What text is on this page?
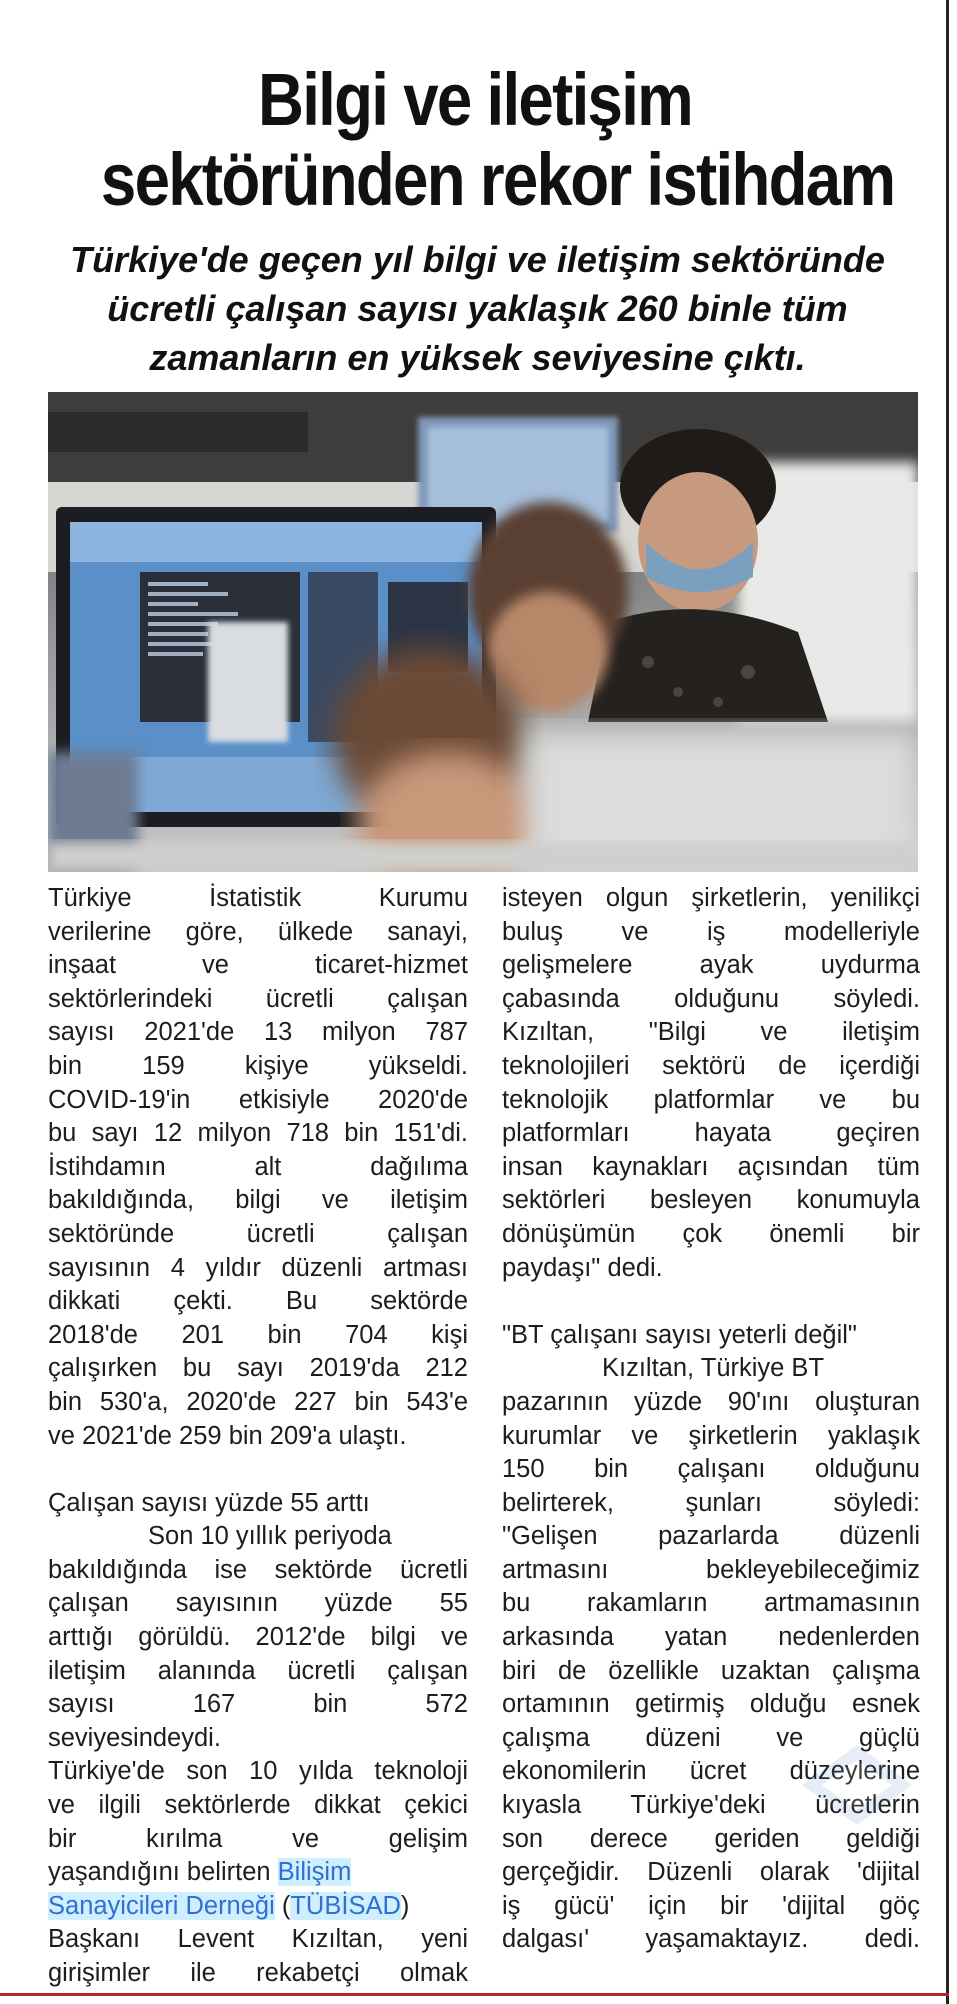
Bilgi ve iletişim
sektöründen rekor istihdam
Türkiye'de geçen yıl bilgi ve iletişim sektöründe
ücretli çalışan sayısı yaklaşık 260 binle tüm
zamanların en yüksek seviyesine çıktı.
Türkiye İstatistik Kurumu
verilerine göre, ülkede sanayi,
inşaat ve ticaret-hizmet
sektörlerindeki ücretli çalışan
sayısı 2021'de 13 milyon 787
bin 159 kişiye yükseldi.
COVID-19'in etkisiyle 2020'de
bu sayı 12 milyon 718 bin 151'di.
İstihdamın alt dağılıma
bakıldığında, bilgi ve iletişim
sektöründe ücretli çalışan
sayısının 4 yıldır düzenli artması
dikkati çekti. Bu sektörde
2018'de 201 bin 704 kişi
çalışırken bu sayı 2019'da 212
bin 530'a, 2020'de 227 bin 543'e
ve 2021'de 259 bin 209'a ulaştı.
Çalışan sayısı yüzde 55 arttı
Son 10 yıllık periyoda
bakıldığında ise sektörde ücretli
çalışan sayısının yüzde 55
arttığı görüldü. 2012'de bilgi ve
iletişim alanında ücretli çalışan
sayısı 167 bin 572
seviyesindeydi.
Türkiye'de son 10 yılda teknoloji
ve ilgili sektörlerde dikkat çekici
bir kırılma ve gelişim
yaşandığını belirten Bilişim
Sanayicileri Derneği (TÜBİSAD)
Başkanı Levent Kızıltan, yeni
girişimler ile rekabetçi olmak
isteyen olgun şirketlerin, yenilikçi
buluş ve iş modelleriyle
gelişmelere ayak uydurma
çabasında olduğunu söyledi.
Kızıltan, "Bilgi ve iletişim
teknolojileri sektörü de içerdiği
teknolojik platformlar ve bu
platformları hayata geçiren
insan kaynakları açısından tüm
sektörleri besleyen konumuyla
dönüşümün çok önemli bir
paydaşı" dedi.
"BT çalışanı sayısı yeterli değil"
Kızıltan, Türkiye BT
pazarının yüzde 90'ını oluşturan
kurumlar ve şirketlerin yaklaşık
150 bin çalışanı olduğunu
belirterek, şunları söyledi:
"Gelişen pazarlarda düzenli
artmasını bekleyebileceğimiz
bu rakamların artmamasının
arkasında yatan nedenlerden
biri de özellikle uzaktan çalışma
ortamının getirmiş olduğu esnek
çalışma düzeni ve güçlü
ekonomilerin ücret düzeylerine
kıyasla Türkiye'deki ücretlerin
son derece geriden geldiği
gerçeğidir. Düzenli olarak 'dijital
iş gücü' için bir 'dijital göç
dalgası' yaşamaktayız. dedi.
